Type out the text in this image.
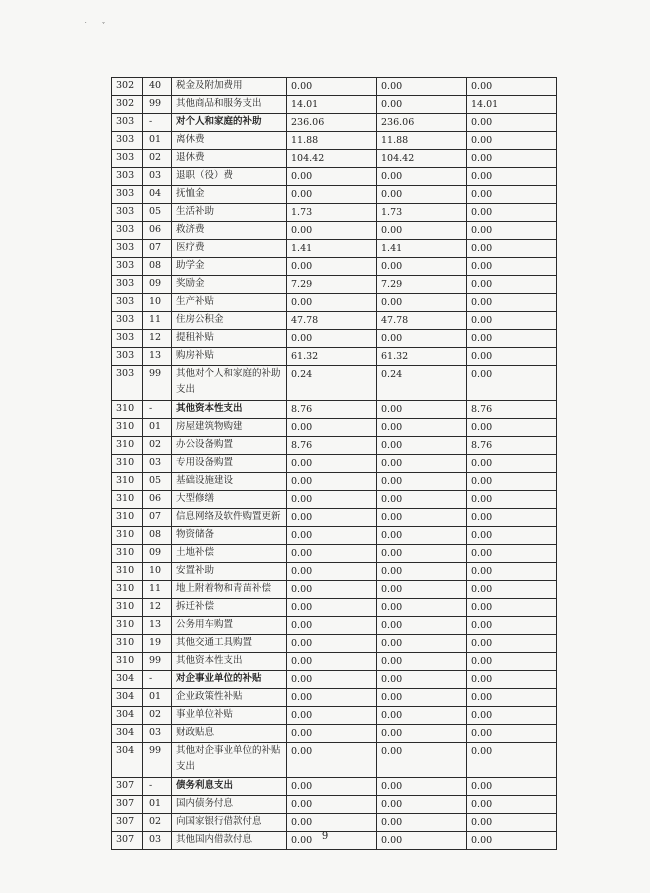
˙ ˇ
302	40	税金及附加费用	0.00	0.00	0.00
302	99	其他商品和服务支出	14.01	0.00	14.01
303	-	对个人和家庭的补助	236.06	236.06	0.00
303	01	离休费	11.88	11.88	0.00
303	02	退休费	104.42	104.42	0.00
303	03	退职（役）费	0.00	0.00	0.00
303	04	抚恤金	0.00	0.00	0.00
303	05	生活补助	1.73	1.73	0.00
303	06	救济费	0.00	0.00	0.00
303	07	医疗费	1.41	1.41	0.00
303	08	助学金	0.00	0.00	0.00
303	09	奖励金	7.29	7.29	0.00
303	10	生产补贴	0.00	0.00	0.00
303	11	住房公积金	47.78	47.78	0.00
303	12	提租补贴	0.00	0.00	0.00
303	13	购房补贴	61.32	61.32	0.00
303	99	其他对个人和家庭的补助支出	0.24	0.24	0.00
310	-	其他资本性支出	8.76	0.00	8.76
310	01	房屋建筑物购建	0.00	0.00	0.00
310	02	办公设备购置	8.76	0.00	8.76
310	03	专用设备购置	0.00	0.00	0.00
310	05	基础设施建设	0.00	0.00	0.00
310	06	大型修缮	0.00	0.00	0.00
310	07	信息网络及软件购置更新	0.00	0.00	0.00
310	08	物资储备	0.00	0.00	0.00
310	09	土地补偿	0.00	0.00	0.00
310	10	安置补助	0.00	0.00	0.00
310	11	地上附着物和青苗补偿	0.00	0.00	0.00
310	12	拆迁补偿	0.00	0.00	0.00
310	13	公务用车购置	0.00	0.00	0.00
310	19	其他交通工具购置	0.00	0.00	0.00
310	99	其他资本性支出	0.00	0.00	0.00
304	-	对企事业单位的补贴	0.00	0.00	0.00
304	01	企业政策性补贴	0.00	0.00	0.00
304	02	事业单位补贴	0.00	0.00	0.00
304	03	财政贴息	0.00	0.00	0.00
304	99	其他对企事业单位的补贴支出	0.00	0.00	0.00
307	-	债务利息支出	0.00	0.00	0.00
307	01	国内债务付息	0.00	0.00	0.00
307	02	向国家银行借款付息	0.00	0.00	0.00
307	03	其他国内借款付息	0.00	0.00	0.00
9
